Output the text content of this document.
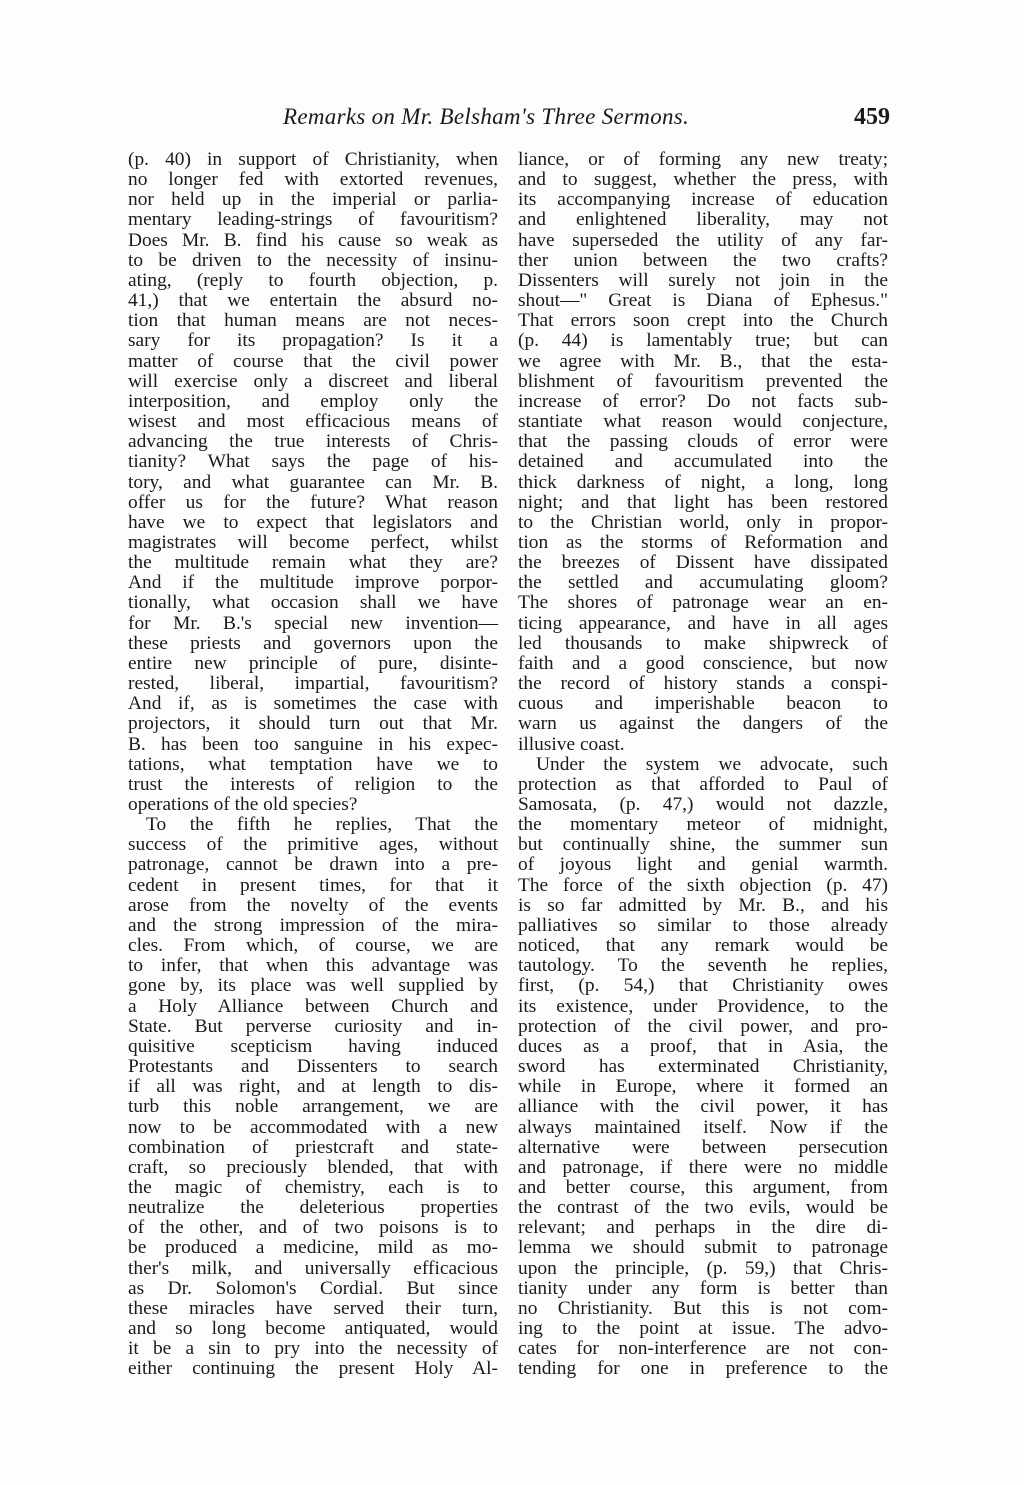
Remarks on Mr. Belsham's Three Sermons.	459
(p. 40) in support of Christianity, when
no longer fed with extorted revenues,
nor held up in the imperial or parlia-
mentary leading-strings of favouritism?
Does Mr. B. find his cause so weak as
to be driven to the necessity of insinu-
ating, (reply to fourth objection, p.
41,) that we entertain the absurd no-
tion that human means are not neces-
sary for its propagation? Is it a
matter of course that the civil power
will exercise only a discreet and liberal
interposition, and employ only the
wisest and most efficacious means of
advancing the true interests of Chris-
tianity? What says the page of his-
tory, and what guarantee can Mr. B.
offer us for the future? What reason
have we to expect that legislators and
magistrates will become perfect, whilst
the multitude remain what they are?
And if the multitude improve porpor-
tionally, what occasion shall we have
for Mr. B.'s special new invention—
these priests and governors upon the
entire new principle of pure, disinte-
rested, liberal, impartial, favouritism?
And if, as is sometimes the case with
projectors, it should turn out that Mr.
B. has been too sanguine in his expec-
tations, what temptation have we to
trust the interests of religion to the
operations of the old species?
To the fifth he replies, That the
success of the primitive ages, without
patronage, cannot be drawn into a pre-
cedent in present times, for that it
arose from the novelty of the events
and the strong impression of the mira-
cles. From which, of course, we are
to infer, that when this advantage was
gone by, its place was well supplied by
a Holy Alliance between Church and
State. But perverse curiosity and in-
quisitive scepticism having induced
Protestants and Dissenters to search
if all was right, and at length to dis-
turb this noble arrangement, we are
now to be accommodated with a new
combination of priestcraft and state-
craft, so preciously blended, that with
the magic of chemistry, each is to
neutralize the deleterious properties
of the other, and of two poisons is to
be produced a medicine, mild as mo-
ther's milk, and universally efficacious
as Dr. Solomon's Cordial. But since
these miracles have served their turn,
and so long become antiquated, would
it be a sin to pry into the necessity of
either continuing the present Holy Al-
liance, or of forming any new treaty;
and to suggest, whether the press, with
its accompanying increase of education
and enlightened liberality, may not
have superseded the utility of any far-
ther union between the two crafts?
Dissenters will surely not join in the
shout—" Great is Diana of Ephesus."
That errors soon crept into the Church
(p. 44) is lamentably true; but can
we agree with Mr. B., that the esta-
blishment of favouritism prevented the
increase of error? Do not facts sub-
stantiate what reason would conjecture,
that the passing clouds of error were
detained and accumulated into the
thick darkness of night, a long, long
night; and that light has been restored
to the Christian world, only in propor-
tion as the storms of Reformation and
the breezes of Dissent have dissipated
the settled and accumulating gloom?
The shores of patronage wear an en-
ticing appearance, and have in all ages
led thousands to make shipwreck of
faith and a good conscience, but now
the record of history stands a conspi-
cuous and imperishable beacon to
warn us against the dangers of the
illusive coast.
Under the system we advocate, such
protection as that afforded to Paul of
Samosata, (p. 47,) would not dazzle,
the momentary meteor of midnight,
but continually shine, the summer sun
of joyous light and genial warmth.
The force of the sixth objection (p. 47)
is so far admitted by Mr. B., and his
palliatives so similar to those already
noticed, that any remark would be
tautology. To the seventh he replies,
first, (p. 54,) that Christianity owes
its existence, under Providence, to the
protection of the civil power, and pro-
duces as a proof, that in Asia, the
sword has exterminated Christianity,
while in Europe, where it formed an
alliance with the civil power, it has
always maintained itself. Now if the
alternative were between persecution
and patronage, if there were no middle
and better course, this argument, from
the contrast of the two evils, would be
relevant; and perhaps in the dire di-
lemma we should submit to patronage
upon the principle, (p. 59,) that Chris-
tianity under any form is better than
no Christianity. But this is not com-
ing to the point at issue. The advo-
cates for non-interference are not con-
tending for one in preference to the
